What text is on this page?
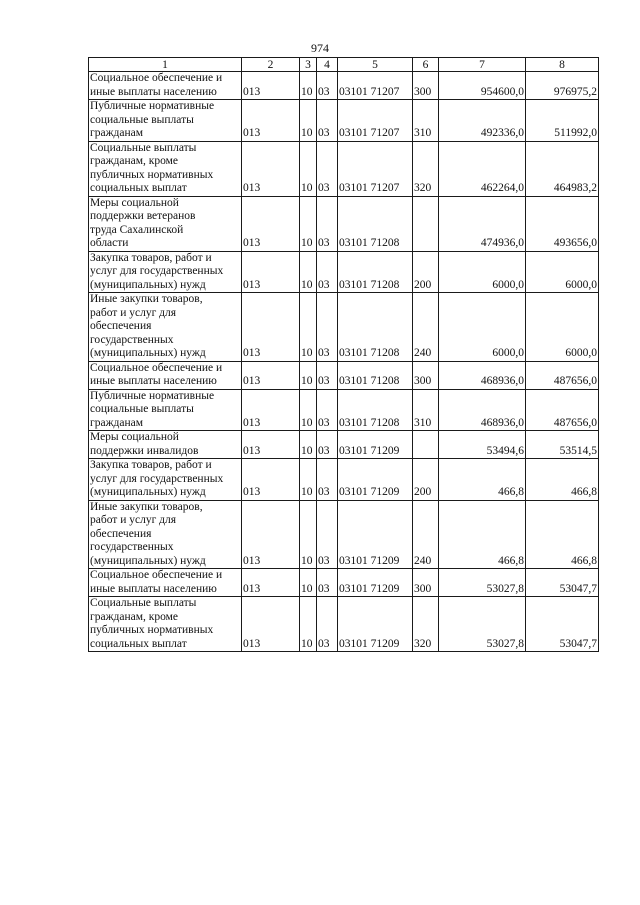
974
1	2	3	4	5	6	7	8
Социальное обеспечение и
иные выплаты населению	013	10	03	03101 71207	300	954600,0	976975,2
Публичные нормативные
социальные выплаты
гражданам	013	10	03	03101 71207	310	492336,0	511992,0
Социальные выплаты
гражданам, кроме
публичных нормативных
социальных выплат	013	10	03	03101 71207	320	462264,0	464983,2
Меры социальной
поддержки ветеранов
труда Сахалинской
области	013	10	03	03101 71208		474936,0	493656,0
Закупка товаров, работ и
услуг для государственных
(муниципальных) нужд	013	10	03	03101 71208	200	6000,0	6000,0
Иные закупки товаров,
работ и услуг для
обеспечения
государственных
(муниципальных) нужд	013	10	03	03101 71208	240	6000,0	6000,0
Социальное обеспечение и
иные выплаты населению	013	10	03	03101 71208	300	468936,0	487656,0
Публичные нормативные
социальные выплаты
гражданам	013	10	03	03101 71208	310	468936,0	487656,0
Меры социальной
поддержки инвалидов	013	10	03	03101 71209		53494,6	53514,5
Закупка товаров, работ и
услуг для государственных
(муниципальных) нужд	013	10	03	03101 71209	200	466,8	466,8
Иные закупки товаров,
работ и услуг для
обеспечения
государственных
(муниципальных) нужд	013	10	03	03101 71209	240	466,8	466,8
Социальное обеспечение и
иные выплаты населению	013	10	03	03101 71209	300	53027,8	53047,7
Социальные выплаты
гражданам, кроме
публичных нормативных
социальных выплат	013	10	03	03101 71209	320	53027,8	53047,7
